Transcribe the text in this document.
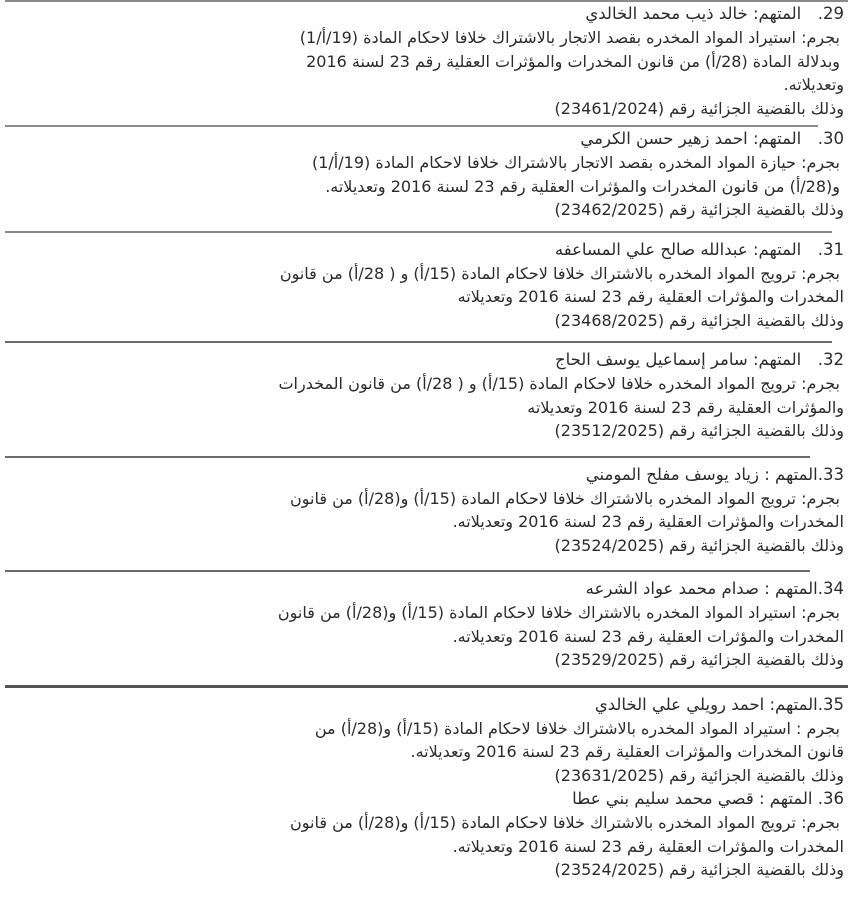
29. المتهم: خالد ذيب محمد الخالدي
بجرم: استيراد المواد المخدره بقصد الاتجار بالاشتراك خلافا لاحكام المادة (19/أ/1)
وبدلالة المادة (28/أ) من قانون المخدرات والمؤثرات العقلية رقم 23 لسنة 2016
وتعديلاته.
وذلك بالقضية الجزائية رقم (23461/2024)
30. المتهم: احمد زهير حسن الكرمي
بجرم: حيازة المواد المخدره بقصد الاتجار بالاشتراك خلافا لاحكام المادة (19/أ/1)
و(28/أ) من قانون المخدرات والمؤثرات العقلية رقم 23 لسنة 2016 وتعديلاته.
وذلك بالقضية الجزائية رقم (23462/2025)
31. المتهم: عبدالله صالح علي المساعفه
بجرم: ترويج المواد المخدره بالاشتراك خلافا لاحكام المادة (15/أ) و ( 28/أ) من قانون
المخدرات والمؤثرات العقلية رقم 23 لسنة 2016 وتعديلاته
وذلك بالقضية الجزائية رقم (23468/2025)
32. المتهم: سامر إسماعيل يوسف الحاج
بجرم: ترويج المواد المخدره خلافا لاحكام المادة (15/أ) و ( 28/أ) من قانون المخدرات
والمؤثرات العقلية رقم 23 لسنة 2016 وتعديلاته
وذلك بالقضية الجزائية رقم (23512/2025)
33.المتهم : زياد يوسف مفلح المومني
بجرم: ترويج المواد المخدره بالاشتراك خلافا لاحكام المادة (15/أ) و(28/أ) من قانون
المخدرات والمؤثرات العقلية رقم 23 لسنة 2016 وتعديلاته.
وذلك بالقضية الجزائية رقم (23524/2025)
34.المتهم : صدام محمد عواد الشرعه
بجرم: استيراد المواد المخدره بالاشتراك خلافا لاحكام المادة (15/أ) و(28/أ) من قانون
المخدرات والمؤثرات العقلية رقم 23 لسنة 2016 وتعديلاته.
وذلك بالقضية الجزائية رقم (23529/2025)
35.المتهم: احمد رويلي علي الخالدي
بجرم : استيراد المواد المخدره بالاشتراك خلافا لاحكام المادة (15/أ) و(28/أ) من
قانون المخدرات والمؤثرات العقلية رقم 23 لسنة 2016 وتعديلاته.
وذلك بالقضية الجزائية رقم (23631/2025)
36. المتهم : قصي محمد سليم بني عطا
بجرم: ترويج المواد المخدره بالاشتراك خلافا لاحكام المادة (15/أ) و(28/أ) من قانون
المخدرات والمؤثرات العقلية رقم 23 لسنة 2016 وتعديلاته.
وذلك بالقضية الجزائية رقم (23524/2025)
